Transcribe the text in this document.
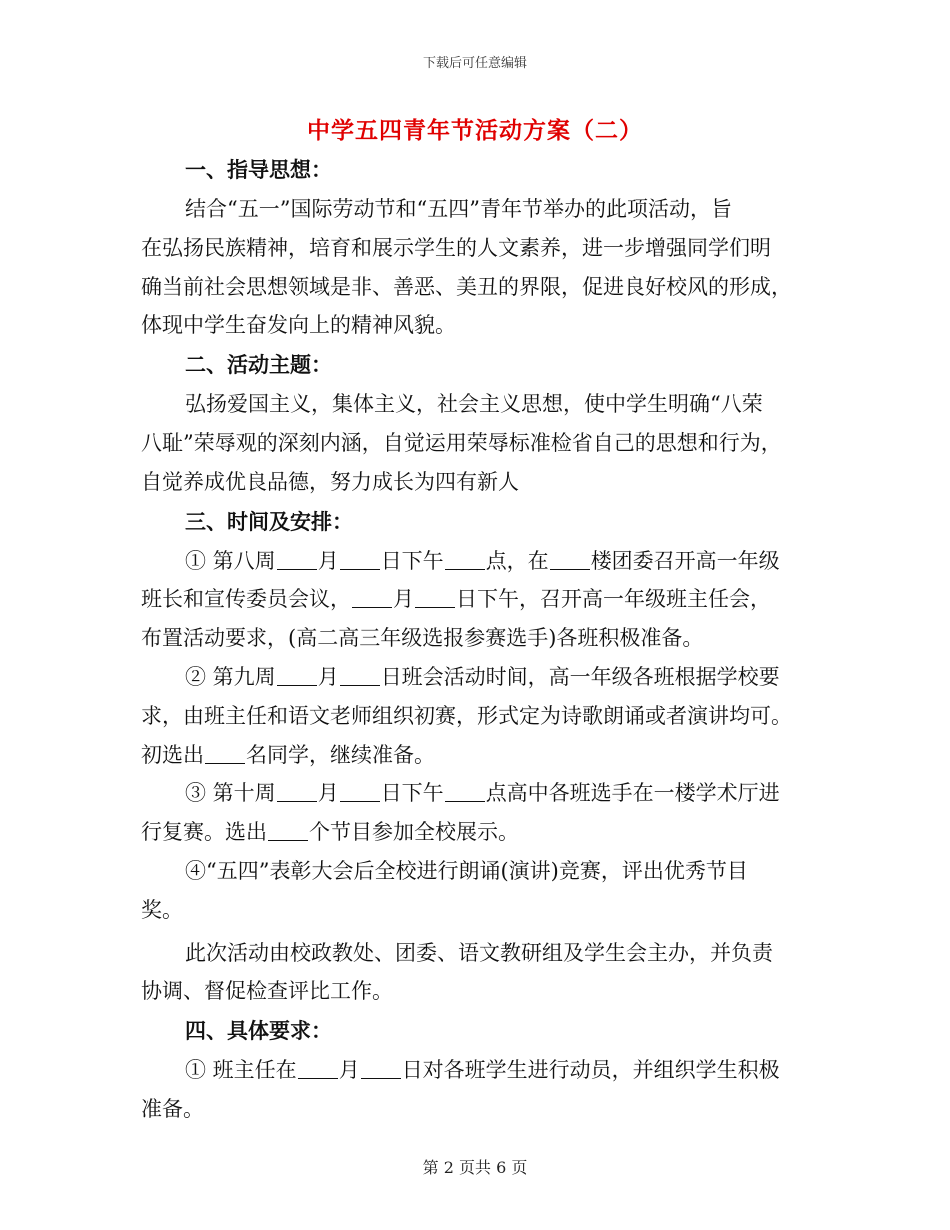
下载后可任意编辑
中学五四青年节活动方案（二）
一、指导思想：
结合“五一”国际劳动节和“五四”青年节举办的此项活动，旨
在弘扬民族精神，培育和展示学生的人文素养，进一步增强同学们明
确当前社会思想领域是非、善恶、美丑的界限，促进良好校风的形成，
体现中学生奋发向上的精神风貌。
二、活动主题：
弘扬爱国主义，集体主义，社会主义思想，使中学生明确“八荣
八耻”荣辱观的深刻内涵，自觉运用荣辱标准检省自己的思想和行为，
自觉养成优良品德，努力成长为四有新人
三、时间及安排：
① 第八周 月 日下午 点，在 楼团委召开高一年级
班长和宣传委员会议， 月 日下午，召开高一年级班主任会，
布置活动要求，(高二高三年级选报参赛选手)各班积极准备。
② 第九周 月 日班会活动时间，高一年级各班根据学校要
求，由班主任和语文老师组织初赛，形式定为诗歌朗诵或者演讲均可。
初选出 名同学，继续准备。
③ 第十周 月 日下午 点高中各班选手在一楼学术厅进
行复赛。选出 个节目参加全校展示。
④“五四”表彰大会后全校进行朗诵(演讲)竞赛，评出优秀节目
奖。
此次活动由校政教处、团委、语文教研组及学生会主办，并负责
协调、督促检查评比工作。
四、具体要求：
① 班主任在 月 日对各班学生进行动员，并组织学生积极
准备。
第 2 页共 6 页
